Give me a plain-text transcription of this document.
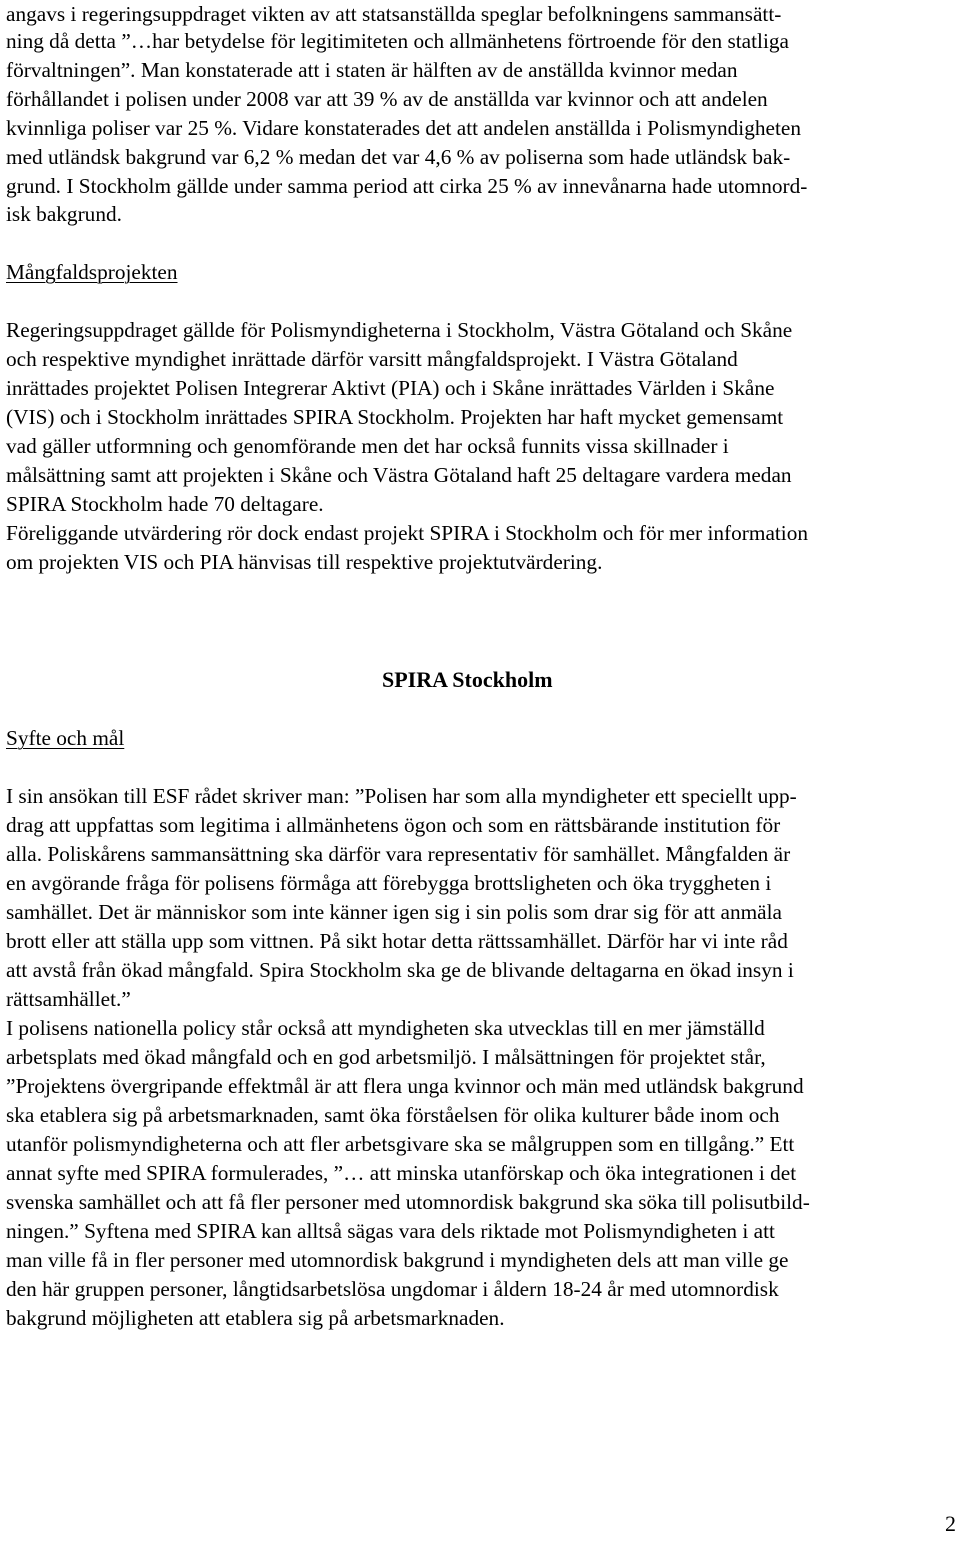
angavs i regeringsuppdraget vikten av att statsanställda speglar befolkningens sammansätt-

ning då detta ”…har betydelse för legitimiteten och allmänhetens förtroende för den statliga

förvaltningen”. Man konstaterade att i staten är hälften av de anställda kvinnor medan

förhållandet i polisen under 2008 var att 39 % av de anställda var kvinnor och att andelen

kvinnliga poliser var 25 %. Vidare konstaterades det att andelen anställda i Polismyndigheten

med utländsk bakgrund var 6,2 % medan det var 4,6 % av poliserna som hade utländsk bak-

grund. I Stockholm gällde under samma period att cirka 25 % av innevånarna hade utomnord-

isk bakgrund.

Mångfaldsprojekten

Regeringsuppdraget gällde för Polismyndigheterna i Stockholm, Västra Götaland och Skåne

och respektive myndighet inrättade därför varsitt mångfaldsprojekt. I Västra Götaland

inrättades projektet Polisen Integrerar Aktivt (PIA) och i Skåne inrättades Världen i Skåne

(VIS) och i Stockholm inrättades SPIRA Stockholm. Projekten har haft mycket gemensamt

vad gäller utformning och genomförande men det har också funnits vissa skillnader i

målsättning samt att projekten i Skåne och Västra Götaland haft 25 deltagare vardera medan

SPIRA Stockholm hade 70 deltagare.

Föreliggande utvärdering rör dock endast projekt SPIRA i Stockholm och för mer information

om projekten VIS och PIA hänvisas till respektive projektutvärdering.

SPIRA Stockholm

Syfte och mål

I sin ansökan till ESF rådet skriver man: ”Polisen har som alla myndigheter ett speciellt upp-

drag att uppfattas som legitima i allmänhetens ögon och som en rättsbärande institution för

alla. Poliskårens sammansättning ska därför vara representativ för samhället. Mångfalden är

en avgörande fråga för polisens förmåga att förebygga brottsligheten och öka tryggheten i

samhället. Det är människor som inte känner igen sig i sin polis som drar sig för att anmäla

brott eller att ställa upp som vittnen. På sikt hotar detta rättssamhället. Därför har vi inte råd

att avstå från ökad mångfald. Spira Stockholm ska ge de blivande deltagarna en ökad insyn i

rättsamhället.”

I polisens nationella policy står också att myndigheten ska utvecklas till en mer jämställd

arbetsplats med ökad mångfald och en god arbetsmiljö. I målsättningen för projektet står,

”Projektens övergripande effektmål är att flera unga kvinnor och män med utländsk bakgrund

ska etablera sig på arbetsmarknaden, samt öka förståelsen för olika kulturer både inom och

utanför polismyndigheterna och att fler arbetsgivare ska se målgruppen som en tillgång.” Ett

annat syfte med SPIRA formulerades, ”… att minska utanförskap och öka integrationen i det

svenska samhället och att få fler personer med utomnordisk bakgrund ska söka till polisutbild-

ningen.” Syftena med SPIRA kan alltså sägas vara dels riktade mot Polismyndigheten i att

man ville få in fler personer med utomnordisk bakgrund i myndigheten dels att man ville ge

den här gruppen personer, långtidsarbetslösa ungdomar i åldern 18-24 år med utomnordisk

bakgrund möjligheten att etablera sig på arbetsmarknaden.

2
